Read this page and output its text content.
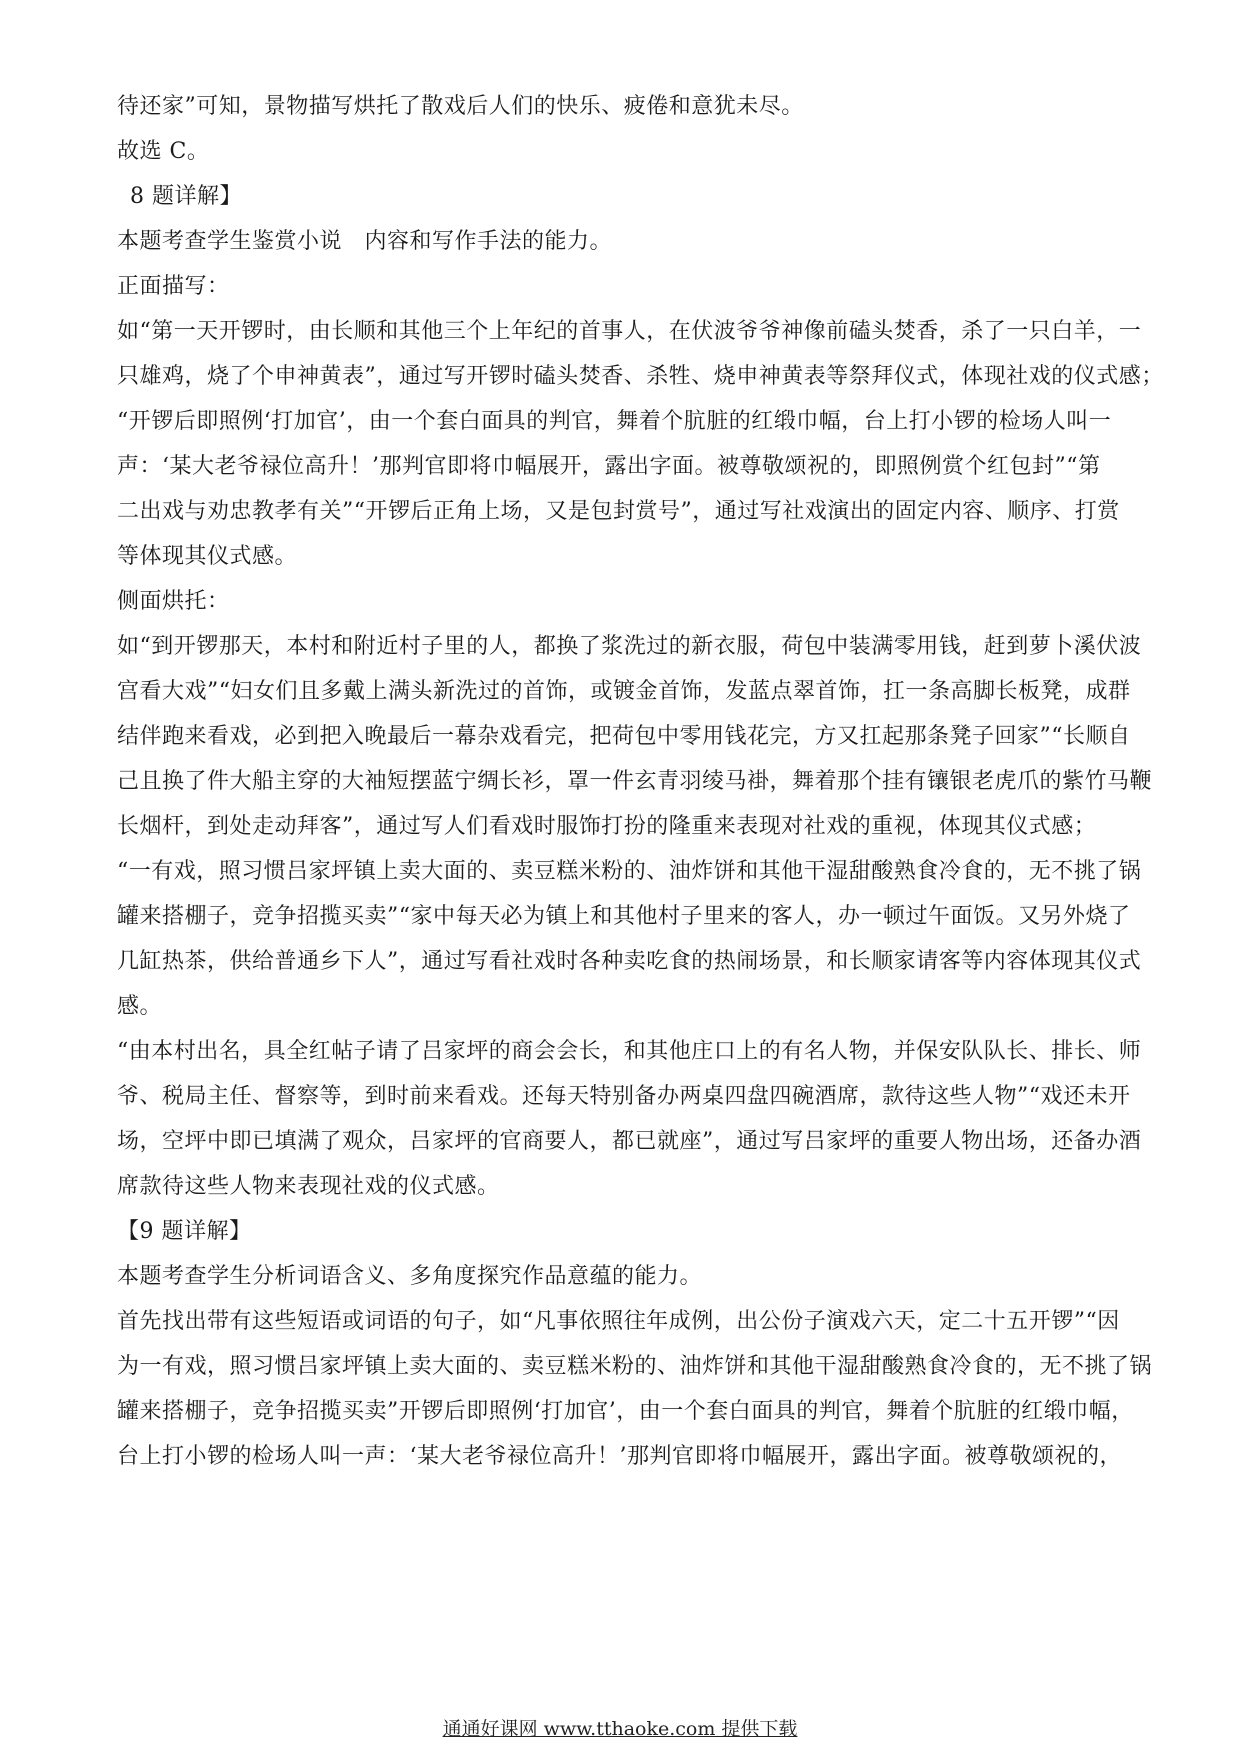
待还家”可知，景物描写烘托了散戏后人们的快乐、疲倦和意犹未尽。
故选 C。
8 题详解】
本题考查学生鉴赏小说　内容和写作手法的能力。
正面描写：
如“第一天开锣时，由长顺和其他三个上年纪的首事人，在伏波爷爷神像前磕头焚香，杀了一只白羊，一
只雄鸡，烧了个申神黄表”，通过写开锣时磕头焚香、杀牲、烧申神黄表等祭拜仪式，体现社戏的仪式感；
“开锣后即照例‘打加官’，由一个套白面具的判官，舞着个肮脏的红缎巾幅，台上打小锣的检场人叫一
声：‘某大老爷禄位高升！’那判官即将巾幅展开，露出字面。被尊敬颂祝的，即照例赏个红包封”“第
二出戏与劝忠教孝有关”“开锣后正角上场，又是包封赏号”，通过写社戏演出的固定内容、顺序、打赏
等体现其仪式感。
侧面烘托：
如“到开锣那天，本村和附近村子里的人，都换了浆洗过的新衣服，荷包中装满零用钱，赶到萝卜溪伏波
宫看大戏”“妇女们且多戴上满头新洗过的首饰，或镀金首饰，发蓝点翠首饰，扛一条高脚长板凳，成群
结伴跑来看戏，必到把入晚最后一幕杂戏看完，把荷包中零用钱花完，方又扛起那条凳子回家”“长顺自
己且换了件大船主穿的大袖短摆蓝宁绸长衫，罩一件玄青羽绫马褂，舞着那个挂有镶银老虎爪的紫竹马鞭
长烟杆，到处走动拜客”，通过写人们看戏时服饰打扮的隆重来表现对社戏的重视，体现其仪式感；
“一有戏，照习惯吕家坪镇上卖大面的、卖豆糕米粉的、油炸饼和其他干湿甜酸熟食冷食的，无不挑了锅
罐来搭棚子，竞争招揽买卖”“家中每天必为镇上和其他村子里来的客人，办一顿过午面饭。又另外烧了
几缸热茶，供给普通乡下人”，通过写看社戏时各种卖吃食的热闹场景，和长顺家请客等内容体现其仪式
感。
“由本村出名，具全红帖子请了吕家坪的商会会长，和其他庄口上的有名人物，并保安队队长、排长、师
爷、税局主任、督察等，到时前来看戏。还每天特别备办两桌四盘四碗酒席，款待这些人物”“戏还未开
场，空坪中即已填满了观众，吕家坪的官商要人，都已就座”，通过写吕家坪的重要人物出场，还备办酒
席款待这些人物来表现社戏的仪式感。
【9 题详解】
本题考查学生分析词语含义、多角度探究作品意蕴的能力。
首先找出带有这些短语或词语的句子，如“凡事依照往年成例，出公份子演戏六天，定二十五开锣”“因
为一有戏，照习惯吕家坪镇上卖大面的、卖豆糕米粉的、油炸饼和其他干湿甜酸熟食冷食的，无不挑了锅
罐来搭棚子，竞争招揽买卖”开锣后即照例‘打加官’，由一个套白面具的判官，舞着个肮脏的红缎巾幅，
台上打小锣的检场人叫一声：‘某大老爷禄位高升！’那判官即将巾幅展开，露出字面。被尊敬颂祝的，
通通好课网 www.tthaoke.com 提供下载
